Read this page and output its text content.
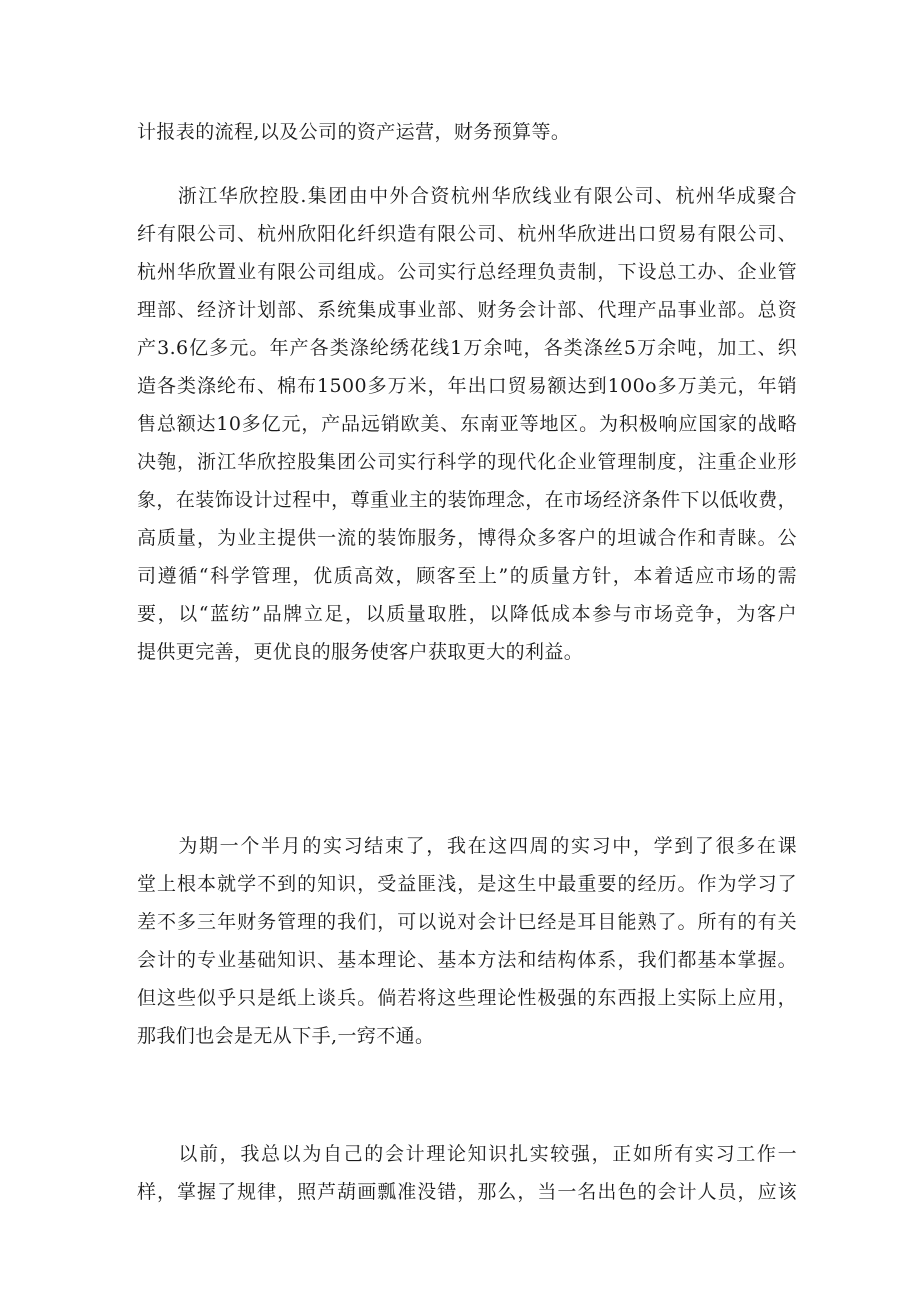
计报表的流程,以及公司的资产运营，财务预算等。

　　浙江华欣控股.集团由中外合资杭州华欣线业有限公司、杭州华成聚合
纤有限公司、杭州欣阳化纤织造有限公司、杭州华欣进出口贸易有限公司、
杭州华欣置业有限公司组成。公司实行总经理负责制，下设总工办、企业管
理部、经济计划部、系统集成事业部、财务会计部、代理产品事业部。总资
产3.6亿多元。年产各类涤纶绣花线1万余吨，各类涤丝5万余吨，加工、织
造各类涤纶布、棉布1500多万米，年出口贸易额达到100o多万美元，年销
售总额达10多亿元，产品远销欧美、东南亚等地区。为积极响应国家的战略
决匏，浙江华欣控股集团公司实行科学的现代化企业管理制度，注重企业形
象，在装饰设计过程中，尊重业主的装饰理念，在市场经济条件下以低收费，
高质量，为业主提供一流的装饰服务，博得众多客户的坦诚合作和青睐。公
司遵循“科学管理，优质高效，顾客至上”的质量方针，本着适应市场的需
要，以“蓝纺”品牌立足，以质量取胜，以降低成本参与市场竞争，为客户
提供更完善，更优良的服务使客户获取更大的利益。

　　为期一个半月的实习结束了，我在这四周的实习中，学到了很多在课
堂上根本就学不到的知识，受益匪浅，是这生中最重要的经历。作为学习了
差不多三年财务管理的我们，可以说对会计巳经是耳目能熟了。所有的有关
会计的专业基础知识、基本理论、基本方法和结构体系，我们都基本掌握。
但这些似乎只是纸上谈兵。倘若将这些理论性极强的东西报上实际上应用，
那我们也会是无从下手,一窍不通。

　　以前，我总以为自己的会计理论知识扎实较强，正如所有实习工作一
样，掌握了规律，照芦葫画瓢准没错，那么，当一名出色的会计人员，应该
